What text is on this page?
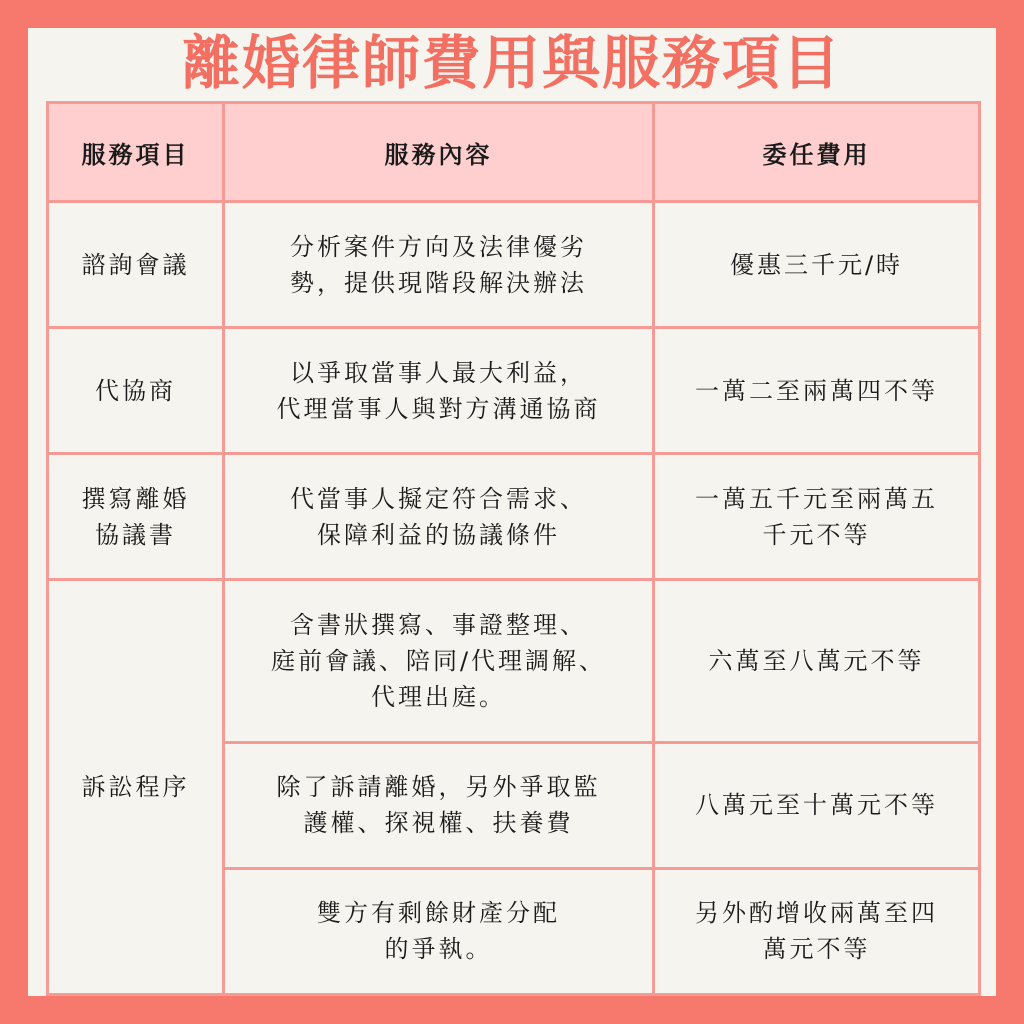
離婚律師費用與服務項目
服務項目	服務內容	委任費用

諮詢會議	分析案件方向及法律優劣
勢，提供現階段解決辦法	優惠三千元/時

代協商	以爭取當事人最大利益，
代理當事人與對方溝通協商	一萬二至兩萬四不等

撰寫離婚
協議書	代當事人擬定符合需求、
保障利益的協議條件	一萬五千元至兩萬五
千元不等

訴訟程序	含書狀撰寫、事證整理、
庭前會議、陪同/代理調解、
代理出庭。	六萬至八萬元不等

	除了訴請離婚，另外爭取監
護權、探視權、扶養費	八萬元至十萬元不等

	雙方有剩餘財產分配
的爭執。	另外酌增收兩萬至四
萬元不等
